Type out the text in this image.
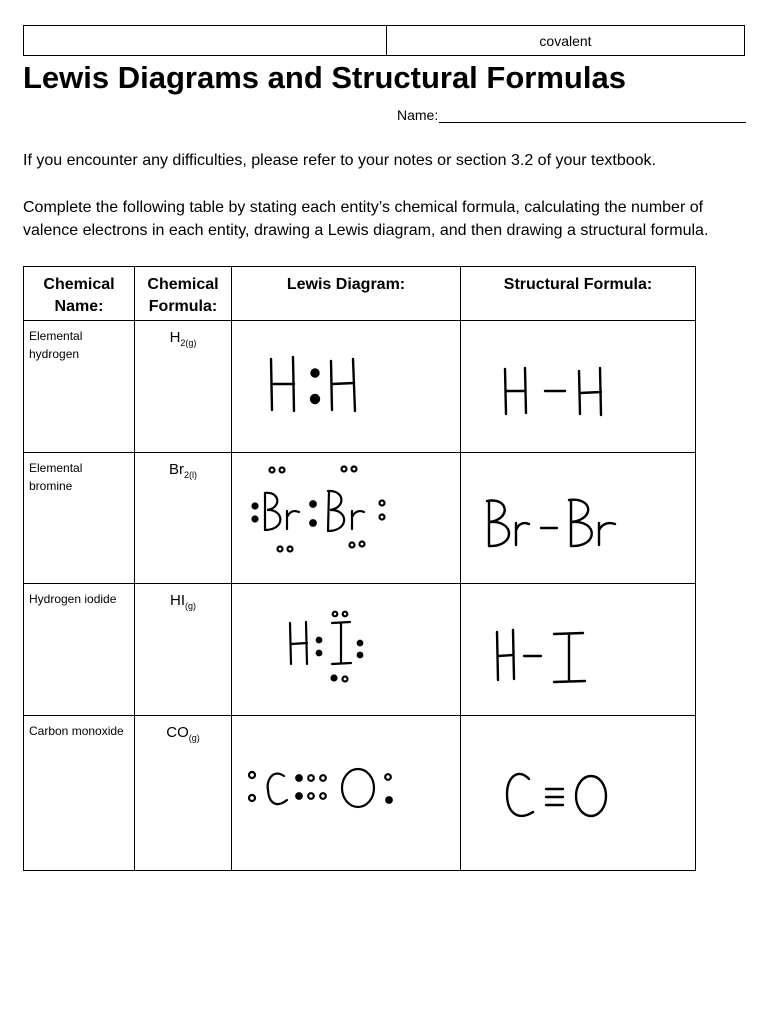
covalent
Lewis Diagrams and Structural Formulas
Name:

If you encounter any difficulties, please refer to your notes or section 3.2 of your textbook.

Complete the following table by stating each entity’s chemical formula, calculating the number of valence electrons in each entity, drawing a Lewis diagram, and then drawing a structural formula.

Chemical Name:	Chemical Formula:	Lewis Diagram:	Structural Formula:
Elemental hydrogen	$H_{2(g)}$	

Elemental bromine	$Br_{2(l)}$	

Hydrogen iodide	$HI_{(g)}$	

Carbon monoxide	$CO_{(g)}$	
